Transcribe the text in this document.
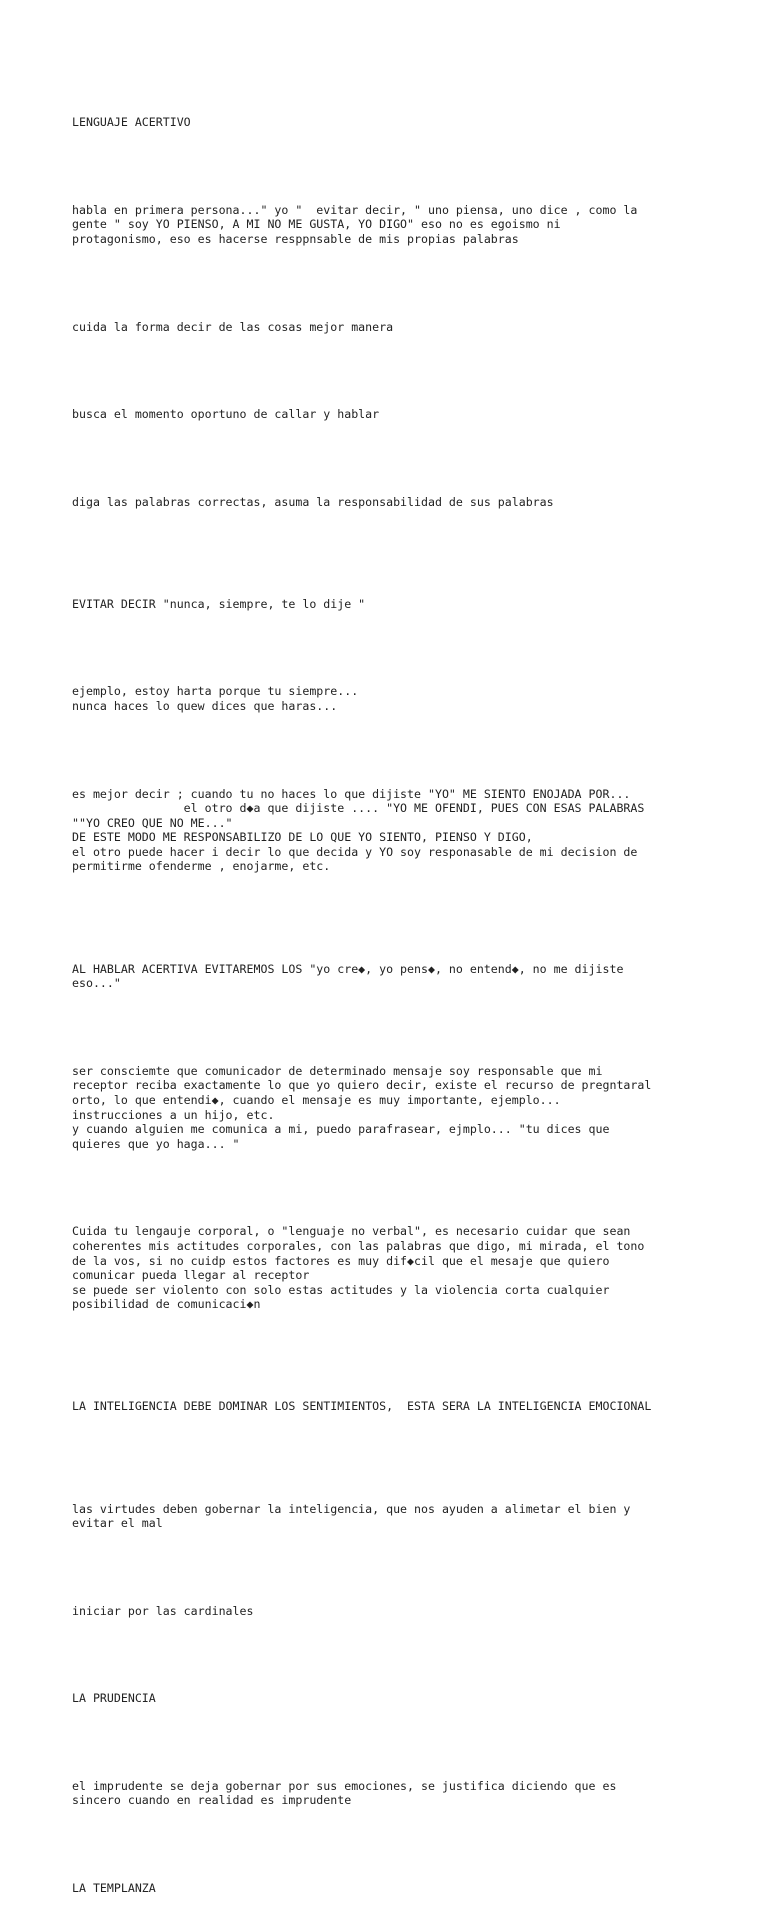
LENGUAJE ACERTIVO

habla en primera persona..." yo "  evitar decir, " uno piensa, uno dice , como la
gente " soy YO PIENSO, A MI NO ME GUSTA, YO DIGO" eso no es egoismo ni
protagonismo, eso es hacerse resppnsable de mis propias palabras

cuida la forma decir de las cosas mejor manera

busca el momento oportuno de callar y hablar

diga las palabras correctas, asuma la responsabilidad de sus palabras

EVITAR DECIR "nunca, siempre, te lo dije "

ejemplo, estoy harta porque tu siempre...
nunca haces lo quew dices que haras...

es mejor decir ; cuando tu no haces lo que dijiste "YO" ME SIENTO ENOJADA POR...
el otro d◆a que dijiste .... "YO ME OFENDI, PUES CON ESAS PALABRAS
""YO CREO QUE NO ME..."
DE ESTE MODO ME RESPONSABILIZO DE LO QUE YO SIENTO, PIENSO Y DIGO,
el otro puede hacer i decir lo que decida y YO soy responasable de mi decision de
permitirme ofenderme , enojarme, etc.

AL HABLAR ACERTIVA EVITAREMOS LOS "yo cre◆, yo pens◆, no entend◆, no me dijiste
eso..."

ser consciemte que comunicador de determinado mensaje soy responsable que mi
receptor reciba exactamente lo que yo quiero decir, existe el recurso de pregntaral
orto, lo que entendi◆, cuando el mensaje es muy importante, ejemplo...
instrucciones a un hijo, etc.
y cuando alguien me comunica a mi, puedo parafrasear, ejmplo... "tu dices que
quieres que yo haga... "

Cuida tu lengauje corporal, o "lenguaje no verbal", es necesario cuidar que sean
coherentes mis actitudes corporales, con las palabras que digo, mi mirada, el tono
de la vos, si no cuidp estos factores es muy dif◆cil que el mesaje que quiero
comunicar pueda llegar al receptor
se puede ser violento con solo estas actitudes y la violencia corta cualquier
posibilidad de comunicaci◆n

LA INTELIGENCIA DEBE DOMINAR LOS SENTIMIENTOS,  ESTA SERA LA INTELIGENCIA EMOCIONAL

las virtudes deben gobernar la inteligencia, que nos ayuden a alimetar el bien y
evitar el mal

iniciar por las cardinales

LA PRUDENCIA

el imprudente se deja gobernar por sus emociones, se justifica diciendo que es
sincero cuando en realidad es imprudente

LA TEMPLANZA
